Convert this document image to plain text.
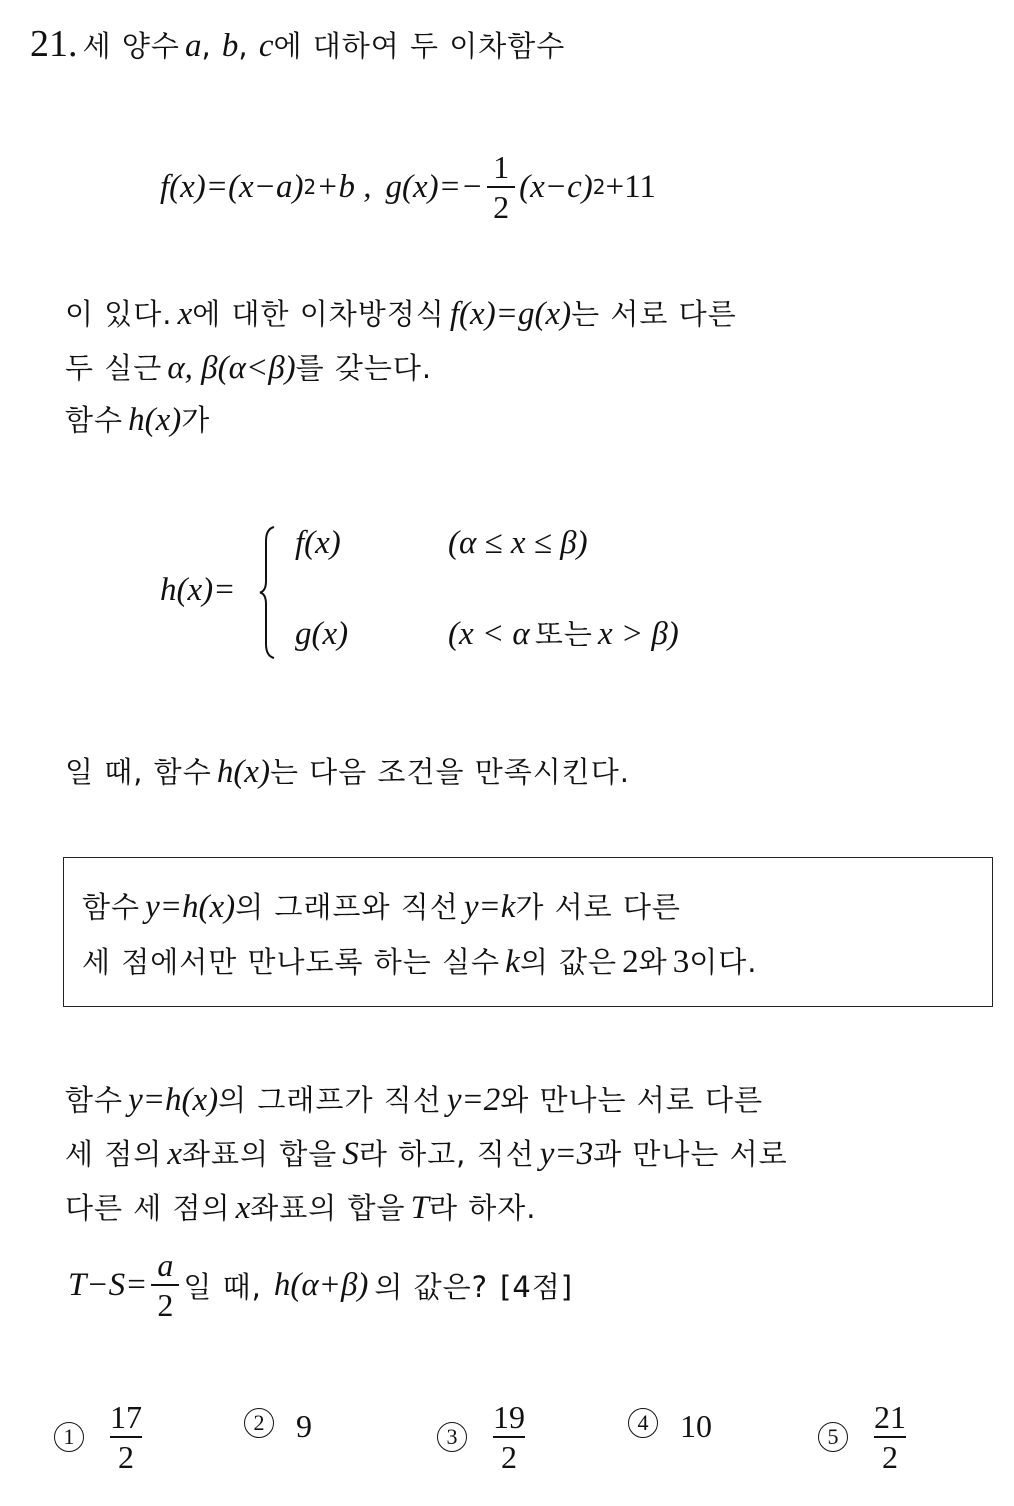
21. 세 양수 a, b, c에 대하여 두 이차함수
f(x) =(x−a) 2 +b , $g(x) =- \frac{1}{2} (x-c)$ 2 +11
이 있다. x에 대한 이차방정식 f(x)=g(x)는 서로 다른
두 실근 α, β(α<β)를 갖는다.
함수 h(x)가
h(x)=
f(x)	(α ≤ x ≤ β)
g(x)	(x < α 또는 x > β)
일 때, 함수 h(x)는 다음 조건을 만족시킨다.
함수 y=h(x)의 그래프와 직선 y=k가 서로 다른
세 점에서만 만나도록 하는 실수 k의 값은 2와 3이다.
함수 y=h(x)의 그래프가 직선 y=2와 만나는 서로 다른
세 점의 x좌표의 합을 S라 하고, 직선 y=3과 만나는 서로
다른 세 점의 x좌표의 합을 T라 하자.
$T-S= \frac{a}{2}$ 일 때, h(α+β) 의 값은? [4점]
$1 \frac{17}{2}$	2 9	$3 \frac{19}{2}$	4 10	$5 \frac{21}{2}$
